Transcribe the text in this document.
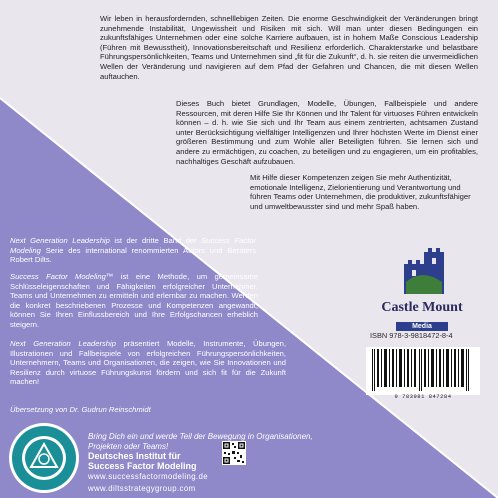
Wir leben in herausfordernden, schnelllebigen Zeiten. Die enorme Geschwindigkeit der Veränderungen bringt zunehmende Instabilität, Ungewissheit und Risiken mit sich. Will man unter diesen Bedingungen ein zukunftsfähiges Unternehmen oder eine solche Karriere aufbauen, ist in hohem Maße Conscious Leadership (Führen mit Bewusstheit), Innovationsbereitschaft und Resilienz erforderlich. Charakterstarke und belastbare Führungspersönlichkeiten, Teams und Unternehmen sind „fit für die Zukunft“, d. h. sie reiten die unvermeidlichen Wellen der Veränderung und navigieren auf dem Pfad der Gefahren und Chancen, die mit diesen Wellen auftauchen.

Dieses Buch bietet Grundlagen, Modelle, Übungen, Fallbeispiele und andere Ressourcen, mit deren Hilfe Sie Ihr Können und Ihr Talent für virtuoses Führen entwickeln können – d. h. wie Sie sich und Ihr Team aus einem zentrierten, achtsamen Zustand unter Berücksichtigung vielfältiger Intelligenzen und Ihrer höchsten Werte im Dienst einer größeren Bestimmung und zum Wohle aller Beteiligten führen. Sie lernen sich und andere zu ermächtigen, zu coachen, zu beteiligen und zu engagieren, um ein profitables, nachhaltiges Geschäft aufzubauen.

Mit Hilfe dieser Kompetenzen zeigen Sie mehr Authentizität, emotionale Intelligenz, Zielorientierung und Verantwortung und führen Teams oder Unternehmen, die produktiver, zukunftsfähiger und umweltbewusster sind und mehr Spaß haben.

Next Generation Leadership ist der dritte Band der Success Factor Modeling Serie des international renommierten Autors und Beraters Robert Dilts.

Success Factor Modeling™ ist eine Methode, um gemeinsame Schlüsseleigenschaften und Fähigkeiten erfolgreicher Unternehmer, Teams und Unternehmen zu ermitteln und erlernbar zu machen. Werden die konkret beschriebenen Prozesse und Kompetenzen angewandt, können Sie Ihren Einflussbereich und Ihre Erfolgschancen erheblich steigern.

Next Generation Leadership präsentiert Modelle, Instrumente, Übungen, Illustrationen und Fallbeispiele von erfolgreichen Führungspersönlichkeiten, Unternehmern, Teams und Organisationen, die zeigen, wie Sie Innovationen und Resilienz durch virtuose Führungskunst fördern und sich fit für die Zukunft machen!

Übersetzung von Dr. Gudrun Reinschmidt

Bring Dich ein und werde Teil der Bewegung in Organisationen, Projekten oder Teams!
Deutsches Institut für
Success Factor Modeling
www.successfactormodeling.de
www.diltsstrategygroup.com
Castle Mount
Media
ISBN 978-3-9818472-8-4
9 783981 847284
